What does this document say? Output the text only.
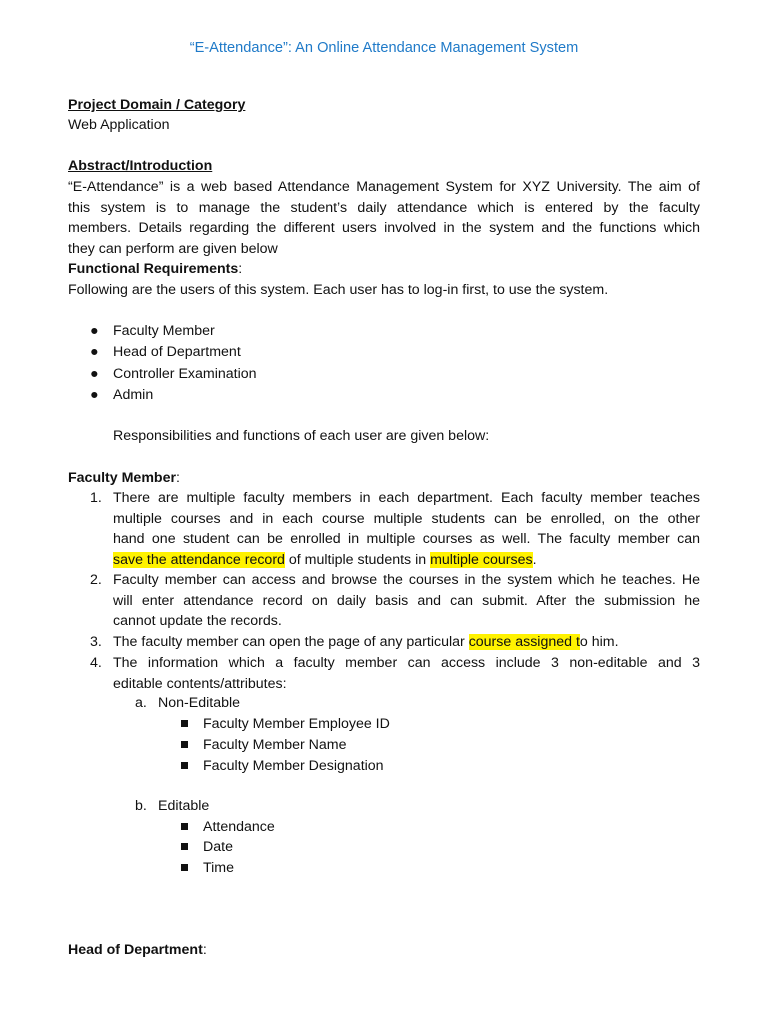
“E-Attendance”: An Online Attendance Management System
Project Domain / Category
Web Application
Abstract/Introduction
“E-Attendance” is a web based Attendance Management System for XYZ University. The aim of
this system is to manage the student’s daily attendance which is entered by the faculty
members. Details regarding the different users involved in the system and the functions which
they can perform are given below
Functional Requirements:
Following are the users of this system. Each user has to log-in first, to use the system.
● Faculty Member
● Head of Department
● Controller Examination
● Admin
Responsibilities and functions of each user are given below:
Faculty Member:
1. There are multiple faculty members in each department. Each faculty member teaches
multiple courses and in each course multiple students can be enrolled, on the other
hand one student can be enrolled in multiple courses as well. The faculty member can
save the attendance record of multiple students in multiple courses.
2. Faculty member can access and browse the courses in the system which he teaches. He
will enter attendance record on daily basis and can submit. After the submission he
cannot update the records.
3. The faculty member can open the page of any particular course assigned to him.
4. The information which a faculty member can access include 3 non-editable and 3
editable contents/attributes:
a. Non-Editable
Faculty Member Employee ID
Faculty Member Name
Faculty Member Designation
b. Editable
Attendance
Date
Time
Head of Department:
